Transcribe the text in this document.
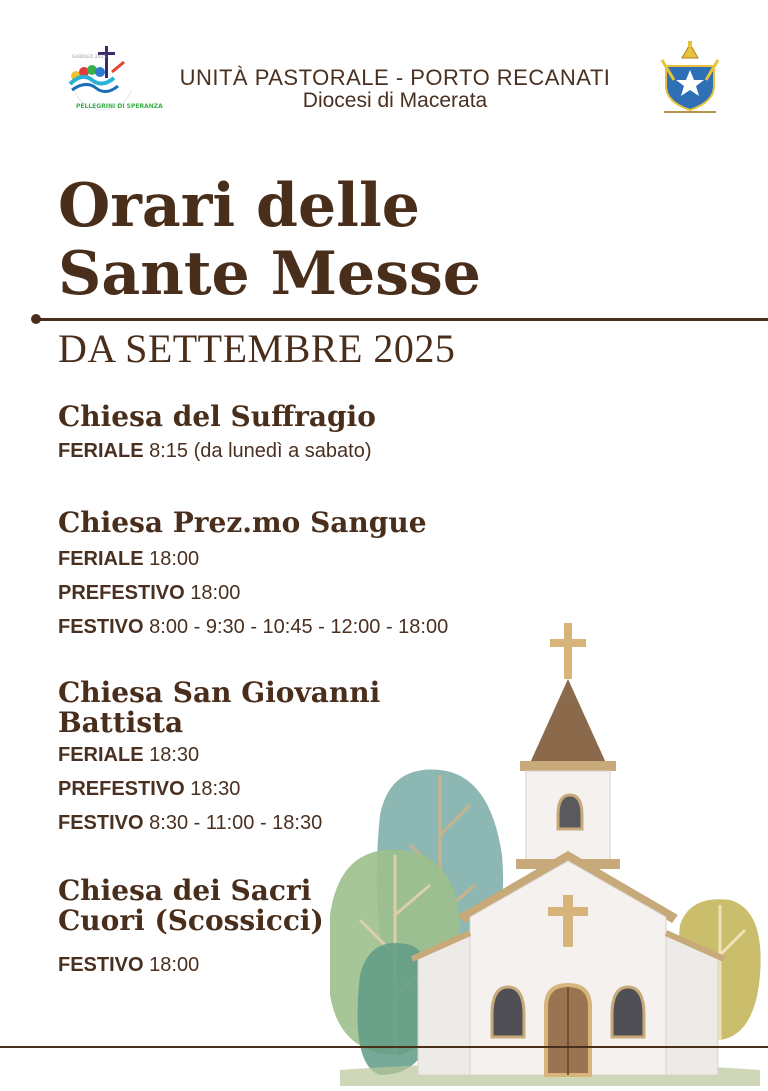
PELLEGRINI DI SPERANZA
GIUBILEO 2025
UNITÀ PASTORALE - PORTO RECANATI
Diocesi di Macerata
Orari delle
Sante Messe
DA SETTEMBRE 2025
Chiesa del Suffragio
FERIALE 8:15 (da lunedì a sabato)
Chiesa Prez.mo Sangue
FERIALE 18:00
PREFESTIVO 18:00
FESTIVO 8:00 - 9:30 - 10:45 - 12:00 - 18:00
Chiesa San Giovanni
Battista
FERIALE 18:30
PREFESTIVO 18:30
FESTIVO 8:30 - 11:00 - 18:30
Chiesa dei Sacri
Cuori (Scossicci)
FESTIVO 18:00
